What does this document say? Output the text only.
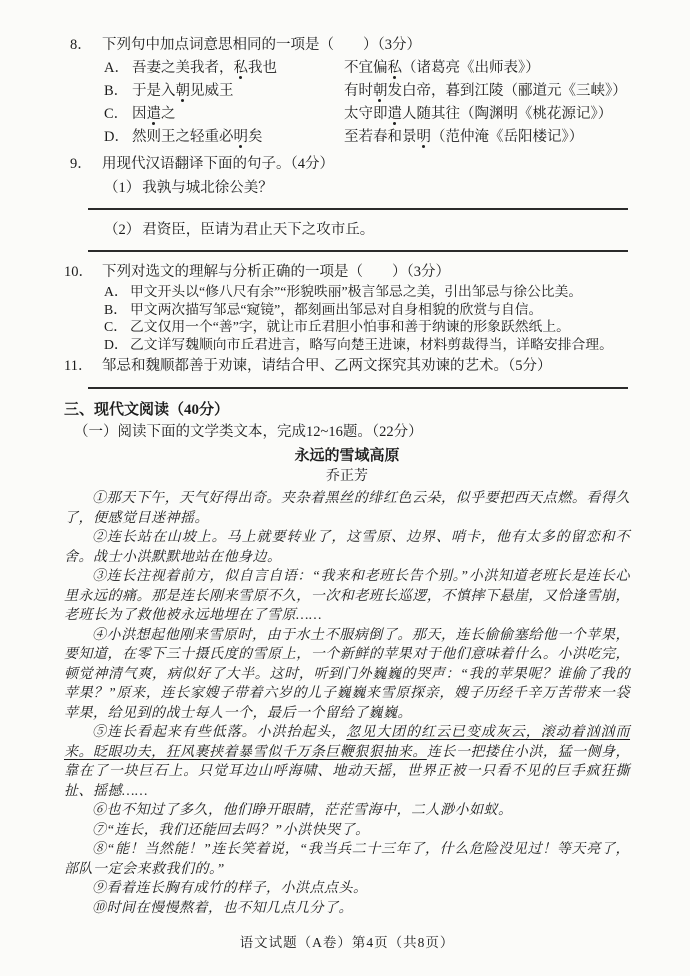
8． 下列句中加点词意思相同的一项是（　　）（3分）
A． 吾妻之美我者，私我也	不宜偏私（诸葛亮《出师表》）
B． 于是入朝见威王	有时朝发白帝，暮到江陵（郦道元《三峡》）
C． 因遣之	太守即遣人随其往（陶渊明《桃花源记》）
D． 然则王之轻重必明矣	至若春和景明（范仲淹《岳阳楼记》）
9． 用现代汉语翻译下面的句子。（4分）
（1） 我孰与城北徐公美？
（2） 君资臣，臣请为君止天下之攻市丘。
10． 下列对选文的理解与分析正确的一项是（　　）（3分）
A． 甲文开头以“修八尺有余”“形貌昳丽”极言邹忌之美，引出邹忌与徐公比美。
B． 甲文两次描写邹忌“窥镜”，都刻画出邹忌对自身相貌的欣赏与自信。
C． 乙文仅用一个“善”字，就让市丘君胆小怕事和善于纳谏的形象跃然纸上。
D． 乙文详写魏顺向市丘君进言，略写向楚王进谏，材料剪裁得当，详略安排合理。
11． 邹忌和魏顺都善于劝谏，请结合甲、乙两文探究其劝谏的艺术。（5分）
三、现代文阅读（40分）
（一）阅读下面的文学类文本，完成12~16题。（22分）
永远的雪域高原
乔正芳

①那天下午，天气好得出奇。夹杂着黑丝的绯红色云朵，似乎要把西天点燃。看得久了，便感觉目迷神摇。

②连长站在山坡上。马上就要转业了，这雪原、边界、哨卡，他有太多的留恋和不舍。战士小洪默默地站在他身边。

③连长注视着前方，似自言自语：“我来和老班长告个别。”小洪知道老班长是连长心里永远的痛。那是连长刚来雪原不久，一次和老班长巡逻，不慎摔下悬崖，又恰逢雪崩，老班长为了救他被永远地埋在了雪原……

④小洪想起他刚来雪原时，由于水土不服病倒了。那天，连长偷偷塞给他一个苹果，要知道，在零下三十摄氏度的雪原上，一个新鲜的苹果对于他们意味着什么。小洪吃完，顿觉神清气爽，病似好了大半。这时，听到门外巍巍的哭声：“我的苹果呢？谁偷了我的苹果？”原来，连长家嫂子带着六岁的儿子巍巍来雪原探亲，嫂子历经千辛万苦带来一袋苹果，给见到的战士每人一个，最后一个留给了巍巍。

⑤连长看起来有些低落。小洪抬起头，忽见大团的红云已变成灰云，滚动着汹汹而来。眨眼功夫，狂风裹挟着暴雪似千万条巨鞭狠狠抽来。连长一把搂住小洪，猛一侧身，靠在了一块巨石上。只觉耳边山呼海啸、地动天摇，世界正被一只看不见的巨手疯狂撕扯、摇撼……

⑥也不知过了多久，他们睁开眼睛，茫茫雪海中，二人渺小如蚁。

⑦“连长，我们还能回去吗？”小洪快哭了。

⑧“能！当然能！”连长笑着说，“我当兵二十三年了，什么危险没见过！等天亮了，部队一定会来救我们的。”

⑨看着连长胸有成竹的样子，小洪点点头。

⑩时间在慢慢熬着，也不知几点几分了。

语文试题（A卷）第4页（共8页）
